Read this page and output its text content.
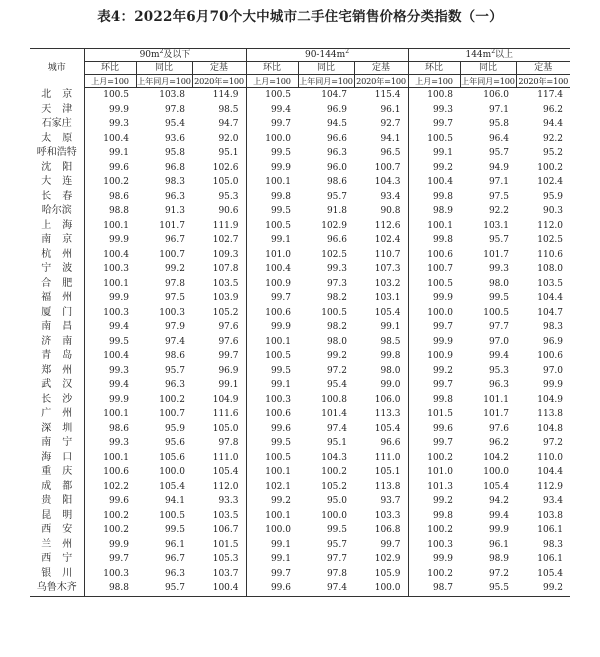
表4：2022年6月70个大中城市二手住宅销售价格分类指数（一）
城市	$90m^2$及以下			$90-144m^2$			$144m^2$以上		
	环比	同比	定基	环比	同比	定基	环比	同比	定基
	上月=100	上年同月=100	2020年=100	上月=100	上年同月=100	2020年=100	上月=100	上年同月=100	2020年=100
北京	100.5	103.8	114.9	100.5	104.7	115.4	100.8	106.0	117.4
天津	99.9	97.8	98.5	99.4	96.9	96.1	99.3	97.1	96.2
石家庄	99.3	95.4	94.7	99.7	94.5	92.7	99.7	95.8	94.4
太原	100.4	93.6	92.0	100.0	96.6	94.1	100.5	96.4	92.2
呼和浩特	99.1	95.8	95.1	99.5	96.3	96.5	99.1	95.7	95.2
沈阳	99.6	96.8	102.6	99.9	96.0	100.7	99.2	94.9	100.2
大连	100.2	98.3	105.0	100.1	98.6	104.3	100.4	97.1	102.4
长春	98.6	96.3	95.3	99.8	95.7	93.4	99.8	97.5	95.9
哈尔滨	98.8	91.3	90.6	99.5	91.8	90.8	98.9	92.2	90.3
上海	100.1	101.7	111.9	100.5	102.9	112.6	100.1	103.1	112.0
南京	99.9	96.7	102.7	99.1	96.6	102.4	99.8	95.7	102.5
杭州	100.4	100.7	109.3	101.0	102.5	110.7	100.6	101.7	110.6
宁波	100.3	99.2	107.8	100.4	99.3	107.3	100.7	99.3	108.0
合肥	100.1	97.8	103.5	100.9	97.3	103.2	100.5	98.0	103.5
福州	99.9	97.5	103.9	99.7	98.2	103.1	99.9	99.5	104.4
厦门	100.3	100.3	105.2	100.6	100.5	105.4	100.0	100.5	104.7
南昌	99.4	97.9	97.6	99.9	98.2	99.1	99.7	97.7	98.3
济南	99.5	97.4	97.6	100.1	98.0	98.5	99.9	97.0	96.9
青岛	100.4	98.6	99.7	100.5	99.2	99.8	100.9	99.4	100.6
郑州	99.3	95.7	96.9	99.5	97.2	98.0	99.2	95.3	97.0
武汉	99.4	96.3	99.1	99.1	95.4	99.0	99.7	96.3	99.9
长沙	99.9	100.2	104.9	100.3	100.8	106.0	99.8	101.1	104.9
广州	100.1	100.7	111.6	100.6	101.4	113.3	101.5	101.7	113.8
深圳	98.6	95.9	105.0	99.6	97.4	105.4	99.6	97.6	104.8
南宁	99.3	95.6	97.8	99.5	95.1	96.6	99.7	96.2	97.2
海口	100.1	105.6	111.0	100.5	104.3	111.0	100.2	104.2	110.0
重庆	100.6	100.0	105.4	100.1	100.2	105.1	101.0	100.0	104.4
成都	102.2	105.4	112.0	102.1	105.2	113.8	101.3	105.4	112.9
贵阳	99.6	94.1	93.3	99.2	95.0	93.7	99.2	94.2	93.4
昆明	100.2	100.5	103.5	100.1	100.0	103.3	99.8	99.4	103.8
西安	100.2	99.5	106.7	100.0	99.5	106.8	100.2	99.9	106.1
兰州	99.9	96.1	101.5	99.1	95.7	99.7	100.3	96.1	98.3
西宁	99.7	96.7	105.3	99.1	97.7	102.9	99.9	98.9	106.1
银川	100.3	96.3	103.7	99.7	97.8	105.9	100.2	97.2	105.4
乌鲁木齐	98.8	95.7	100.4	99.6	97.4	100.0	98.7	95.5	99.2
